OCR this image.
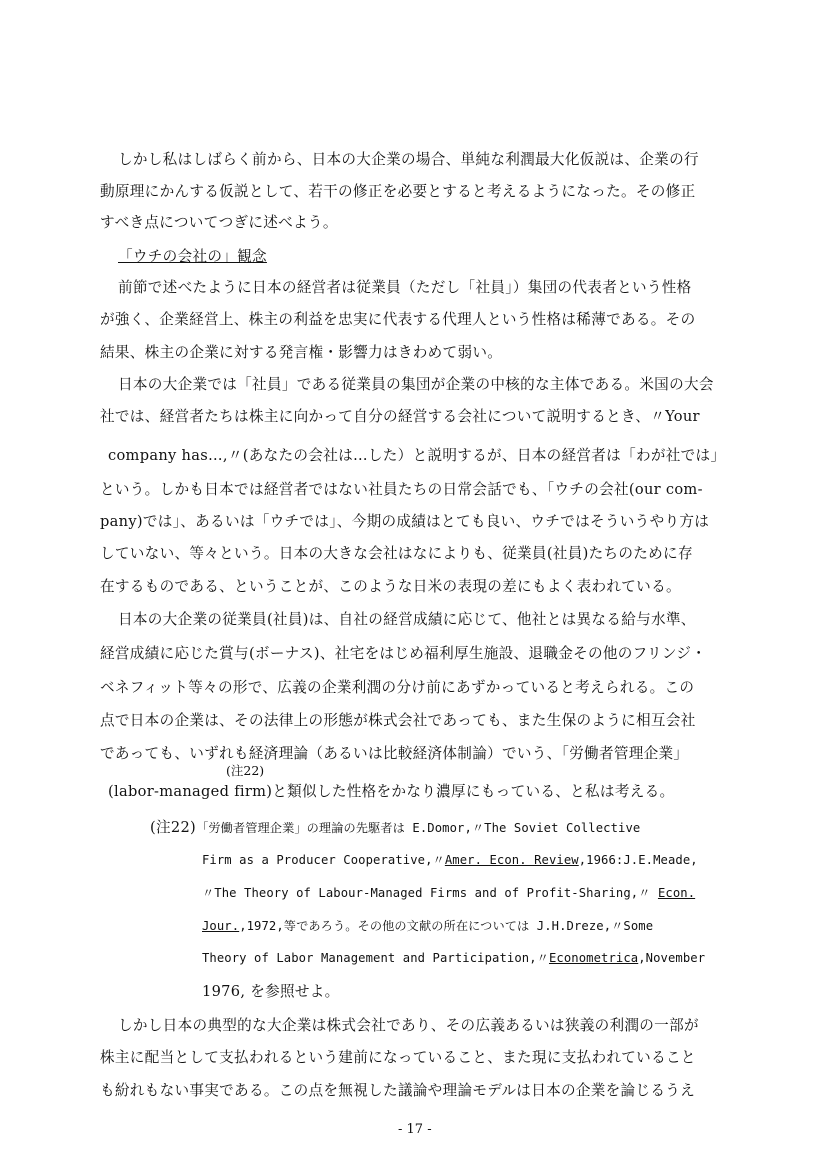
しかし私はしばらく前から、日本の大企業の場合、単純な利潤最大化仮説は、企業の行
動原理にかんする仮説として、若干の修正を必要とすると考えるようになった。その修正
すべき点についてつぎに述べよう。
「ウチの会社の」観念
前節で述べたように日本の経営者は従業員（ただし「社員」）集団の代表者という性格
が強く、企業経営上、株主の利益を忠実に代表する代理人という性格は稀薄である。その
結果、株主の企業に対する発言権・影響力はきわめて弱い。
日本の大企業では「社員」である従業員の集団が企業の中核的な主体である。米国の大会
社では、経営者たちは株主に向かって自分の経営する会社について説明するとき、〃Your
company has…,〃(あなたの会社は…した）と説明するが、日本の経営者は「わが社では」
という。しかも日本では経営者ではない社員たちの日常会話でも、「ウチの会社(our com-
pany)では」、あるいは「ウチでは」、今期の成績はとても良い、ウチではそういうやり方は
していない、等々という。日本の大きな会社はなによりも、従業員(社員)たちのために存
在するものである、ということが、このような日米の表現の差にもよく表われている。
日本の大企業の従業員(社員)は、自社の経営成績に応じて、他社とは異なる給与水準、
経営成績に応じた賞与(ボーナス)、社宅をはじめ福利厚生施設、退職金その他のフリンジ・
ベネフィット等々の形で、広義の企業利潤の分け前にあずかっていると考えられる。この
点で日本の企業は、その法律上の形態が株式会社であっても、また生保のように相互会社
であっても、いずれも経済理論（あるいは比較経済体制論）でいう、「労働者管理企業」
(注22)
(labor-managed firm)と類似した性格をかなり濃厚にもっている、と私は考える。
(注22)「労働者管理企業」の理論の先駆者は E.Domor,〃The Soviet Collective
Firm as a Producer Cooperative,〃Amer. Econ. Review,1966:J.E.Meade,
〃The Theory of Labour-Managed Firms and of Profit-Sharing,〃 Econ.
Jour.,1972,等であろう。その他の文献の所在については J.H.Dreze,〃Some
Theory of Labor Management and Participation,〃Econometrica,November
1976, を参照せよ。
しかし日本の典型的な大企業は株式会社であり、その広義あるいは狭義の利潤の一部が
株主に配当として支払われるという建前になっていること、また現に支払われていること
も紛れもない事実である。この点を無視した議論や理論モデルは日本の企業を論じるうえ
- 17 -
